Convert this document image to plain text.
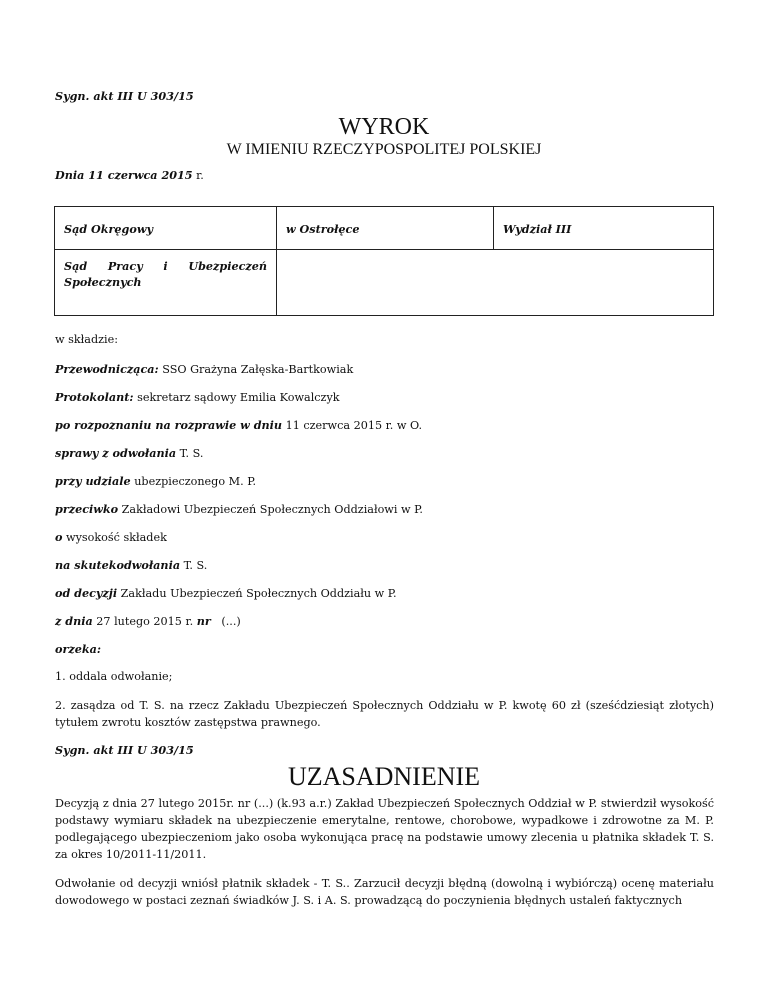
Sygn. akt III U 303/15
WYROK
W IMIENIU RZECZYPOSPOLITEJ POLSKIEJ
Dnia 11 czerwca 2015 r.
Sąd Okręgowy	w Ostrołęce	Wydział III

Sąd Pracy i Ubezpieczeń
Społecznych		

w składzie:
Przewodnicząca: SSO Grażyna Załęska-Bartkowiak
Protokolant: sekretarz sądowy Emilia Kowalczyk
po rozpoznaniu na rozprawie w dniu 11 czerwca 2015 r. w O.
sprawy z odwołania T. S.
przy udziale ubezpieczonego M. P.
przeciwko Zakładowi Ubezpieczeń Społecznych Oddziałowi w P.
o wysokość składek
na skutekodwołania T. S.
od decyzji Zakładu Ubezpieczeń Społecznych Oddziału w P.
z dnia 27 lutego 2015 r. nr   (...)
orzeka:
1. oddala odwołanie;
2. zasądza od T. S. na rzecz Zakładu Ubezpieczeń Społecznych Oddziału w P. kwotę 60 zł (sześćdziesiąt złotych) tytułem zwrotu kosztów zastępstwa prawnego.
Sygn. akt III U 303/15
UZASADNIENIE
Decyzją z dnia 27 lutego 2015r. nr (...) (k.93 a.r.) Zakład Ubezpieczeń Społecznych Oddział w P. stwierdził wysokość podstawy wymiaru składek na ubezpieczenie emerytalne, rentowe, chorobowe, wypadkowe i zdrowotne za M. P. podlegającego ubezpieczeniom jako osoba wykonująca pracę na podstawie umowy zlecenia u płatnika składek T. S. za okres 10/2011-11/2011.
Odwołanie od decyzji wniósł płatnik składek - T. S.. Zarzucił decyzji błędną (dowolną i wybiórczą) ocenę materiału dowodowego w postaci zeznań świadków J. S. i A. S. prowadzącą do poczynienia błędnych ustaleń faktycznych
